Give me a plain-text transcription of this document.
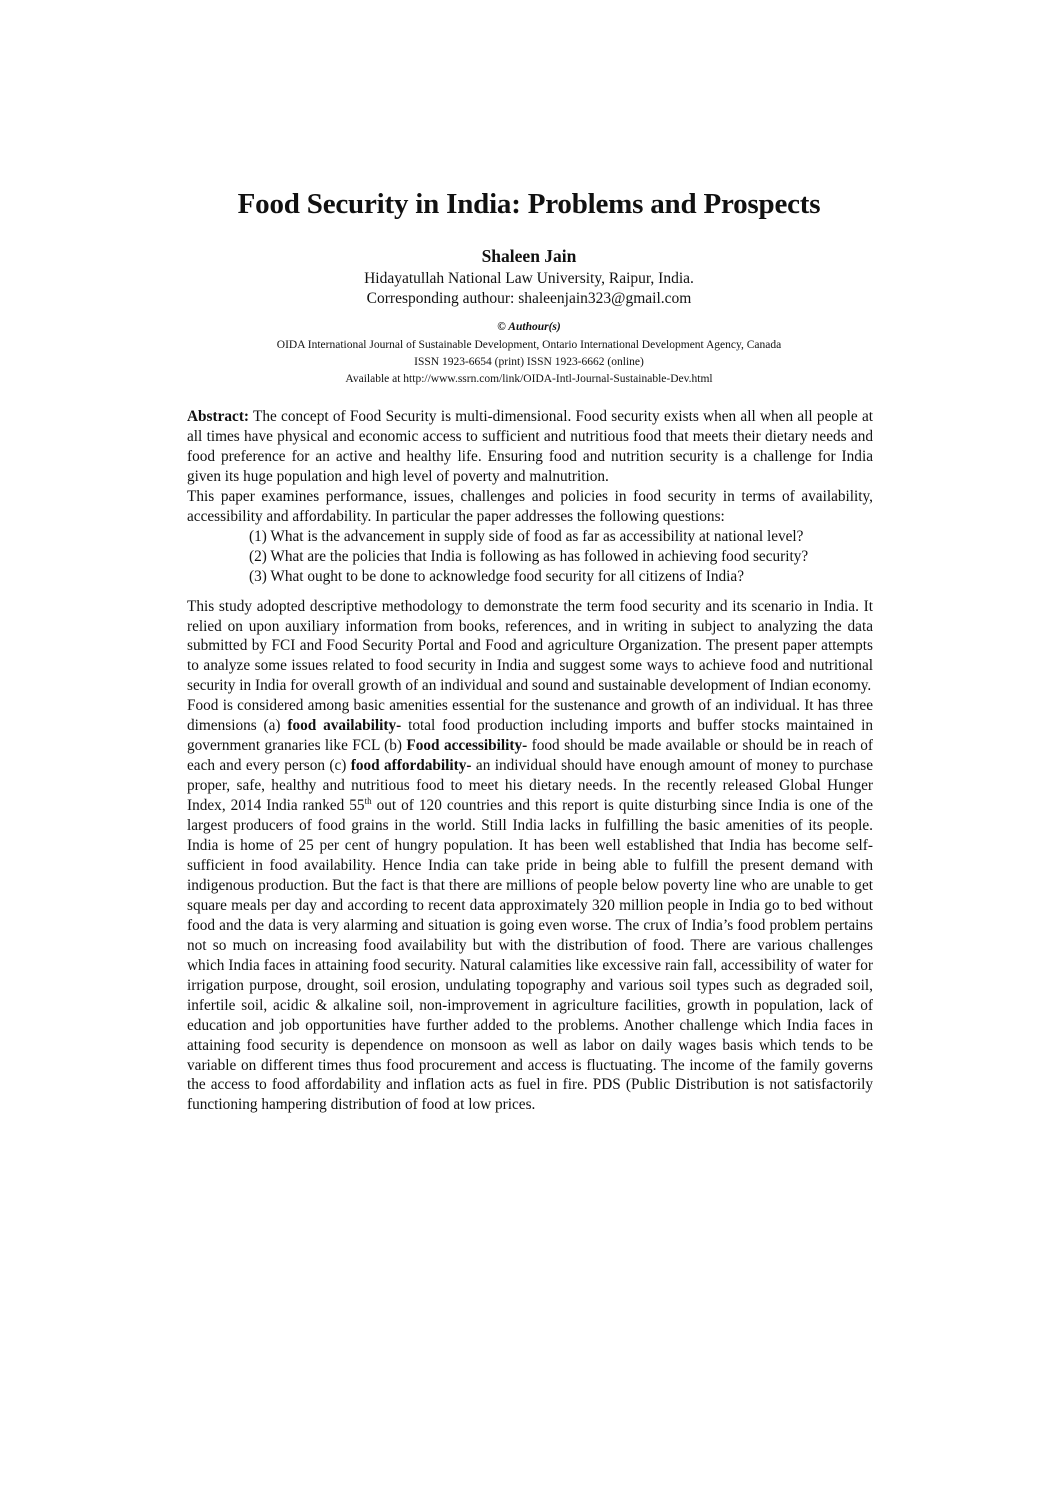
Food Security in India: Problems and Prospects
Shaleen Jain
Hidayatullah National Law University, Raipur, India.
Corresponding authour: shaleenjain323@gmail.com
© Authour(s)
OIDA International Journal of Sustainable Development, Ontario International Development Agency, Canada
ISSN 1923-6654 (print) ISSN 1923-6662 (online)
Available at http://www.ssrn.com/link/OIDA-Intl-Journal-Sustainable-Dev.html

Abstract: The concept of Food Security is multi-dimensional. Food security exists when all when all people at all times have physical and economic access to sufficient and nutritious food that meets their dietary needs and food preference for an active and healthy life. Ensuring food and nutrition security is a challenge for India given its huge population and high level of poverty and malnutrition.

This paper examines performance, issues, challenges and policies in food security in terms of availability, accessibility and affordability. In particular the paper addresses the following questions:

(1) What is the advancement in supply side of food as far as accessibility at national level?
(2) What are the policies that India is following as has followed in achieving food security?
(3) What ought to be done to acknowledge food security for all citizens of India?

This study adopted descriptive methodology to demonstrate the term food security and its scenario in India. It relied on upon auxiliary information from books, references, and in writing in subject to analyzing the data submitted by FCI and Food Security Portal and Food and agriculture Organization. The present paper attempts to analyze some issues related to food security in India and suggest some ways to achieve food and nutritional security in India for overall growth of an individual and sound and sustainable development of Indian economy.

Food is considered among basic amenities essential for the sustenance and growth of an individual. It has three dimensions (a) food availability- total food production including imports and buffer stocks maintained in government granaries like FCL (b) Food accessibility- food should be made available or should be in reach of each and every person (c) food affordability- an individual should have enough amount of money to purchase proper, safe, healthy and nutritious food to meet his dietary needs. In the recently released Global Hunger Index, 2014 India ranked 55th out of 120 countries and this report is quite disturbing since India is one of the largest producers of food grains in the world. Still India lacks in fulfilling the basic amenities of its people. India is home of 25 per cent of hungry population. It has been well established that India has become self-sufficient in food availability. Hence India can take pride in being able to fulfill the present demand with indigenous production. But the fact is that there are millions of people below poverty line who are unable to get square meals per day and according to recent data approximately 320 million people in India go to bed without food and the data is very alarming and situation is going even worse. The crux of India’s food problem pertains not so much on increasing food availability but with the distribution of food. There are various challenges which India faces in attaining food security. Natural calamities like excessive rain fall, accessibility of water for irrigation purpose, drought, soil erosion, undulating topography and various soil types such as degraded soil, infertile soil, acidic & alkaline soil, non-improvement in agriculture facilities, growth in population, lack of education and job opportunities have further added to the problems. Another challenge which India faces in attaining food security is dependence on monsoon as well as labor on daily wages basis which tends to be variable on different times thus food procurement and access is fluctuating. The income of the family governs the access to food affordability and inflation acts as fuel in fire. PDS (Public Distribution is not satisfactorily functioning hampering distribution of food at low prices.
